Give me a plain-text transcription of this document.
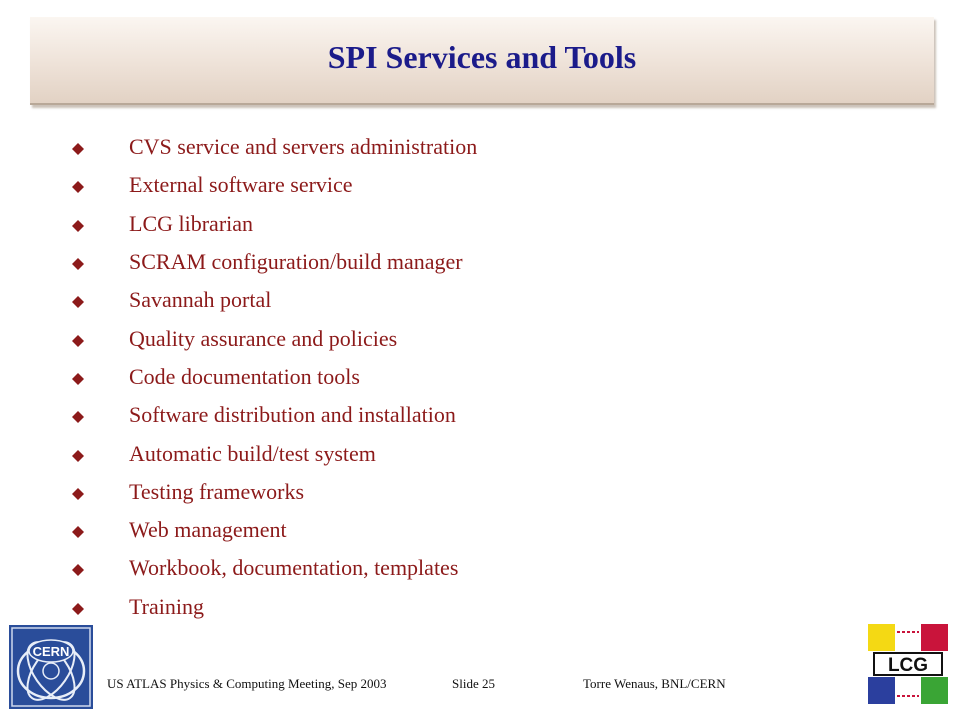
SPI Services and Tools
CVS service and servers administration
External software service
LCG librarian
SCRAM configuration/build manager
Savannah portal
Quality assurance and policies
Code documentation tools
Software distribution and installation
Automatic build/test system
Testing frameworks
Web management
Workbook, documentation, templates
Training
CERN
US ATLAS Physics & Computing Meeting, Sep 2003	Slide 25	Torre Wenaus, BNL/CERN
LCG
